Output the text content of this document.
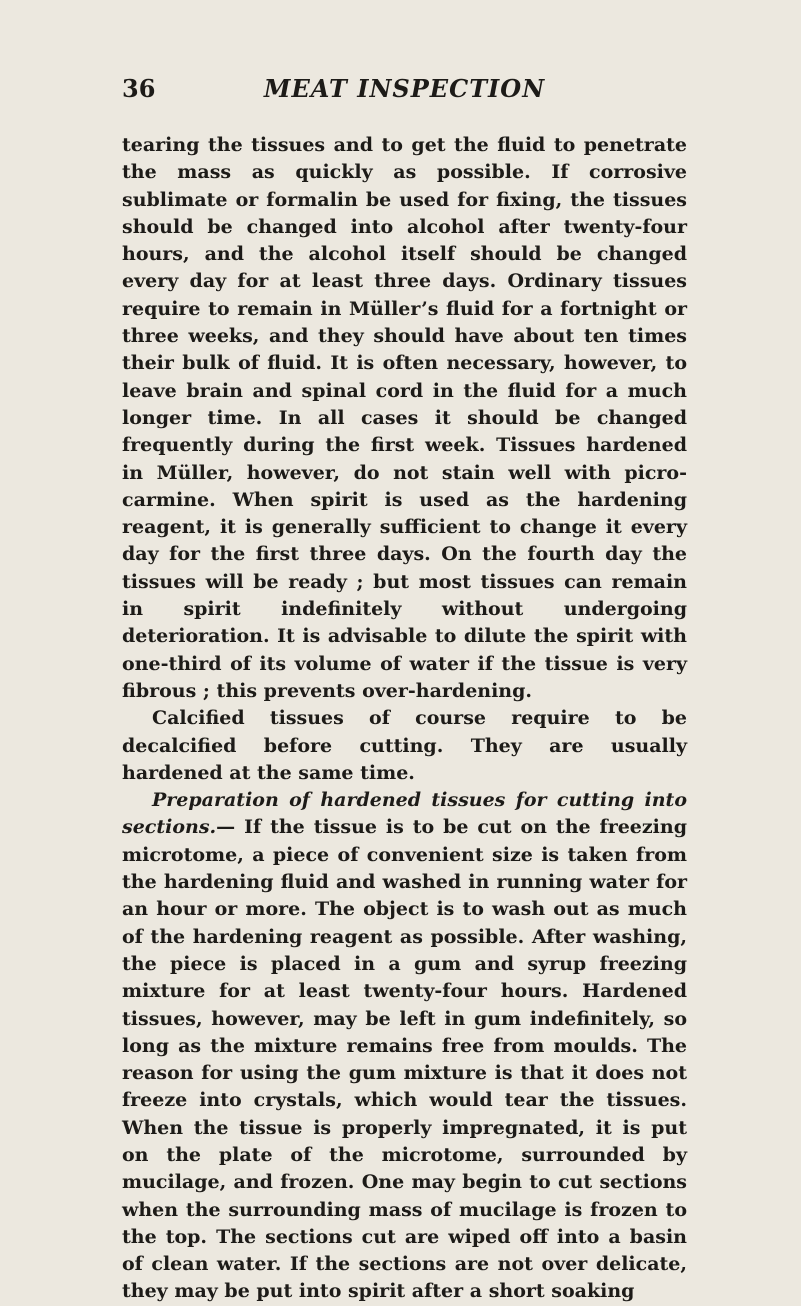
36	MEAT INSPECTION

tearing the tissues and to get the fluid to penetrate the mass as quickly as possible. If corrosive sublimate or formalin be used for fixing, the tissues should be changed into alcohol after twenty-four hours, and the alcohol itself should be changed every day for at least three days. Ordinary tissues require to remain in Müller’s fluid for a fortnight or three weeks, and they should have about ten times their bulk of fluid. It is often necessary, however, to leave brain and spinal cord in the fluid for a much longer time. In all cases it should be changed frequently during the first week. Tissues hardened in Müller, however, do not stain well with picro-carmine. When spirit is used as the hardening reagent, it is generally sufficient to change it every day for the first three days. On the fourth day the tissues will be ready ; but most tissues can remain in spirit indefinitely without undergoing deterioration. It is advisable to dilute the spirit with one-third of its volume of water if the tissue is very fibrous ; this prevents over-hardening.

Calcified tissues of course require to be decalcified before cutting. They are usually hardened at the same time.

Preparation of hardened tissues for cutting into sections.— If the tissue is to be cut on the freezing microtome, a piece of convenient size is taken from the hardening fluid and washed in running water for an hour or more. The object is to wash out as much of the hardening reagent as possible. After washing, the piece is placed in a gum and syrup freezing mixture for at least twenty-four hours. Hardened tissues, however, may be left in gum indefinitely, so long as the mixture remains free from moulds. The reason for using the gum mixture is that it does not freeze into crystals, which would tear the tissues. When the tissue is properly impregnated, it is put on the plate of the microtome, surrounded by mucilage, and frozen. One may begin to cut sections when the surrounding mass of mucilage is frozen to the top. The sections cut are wiped off into a basin of clean water. If the sections are not over delicate, they may be put into spirit after a short soaking
